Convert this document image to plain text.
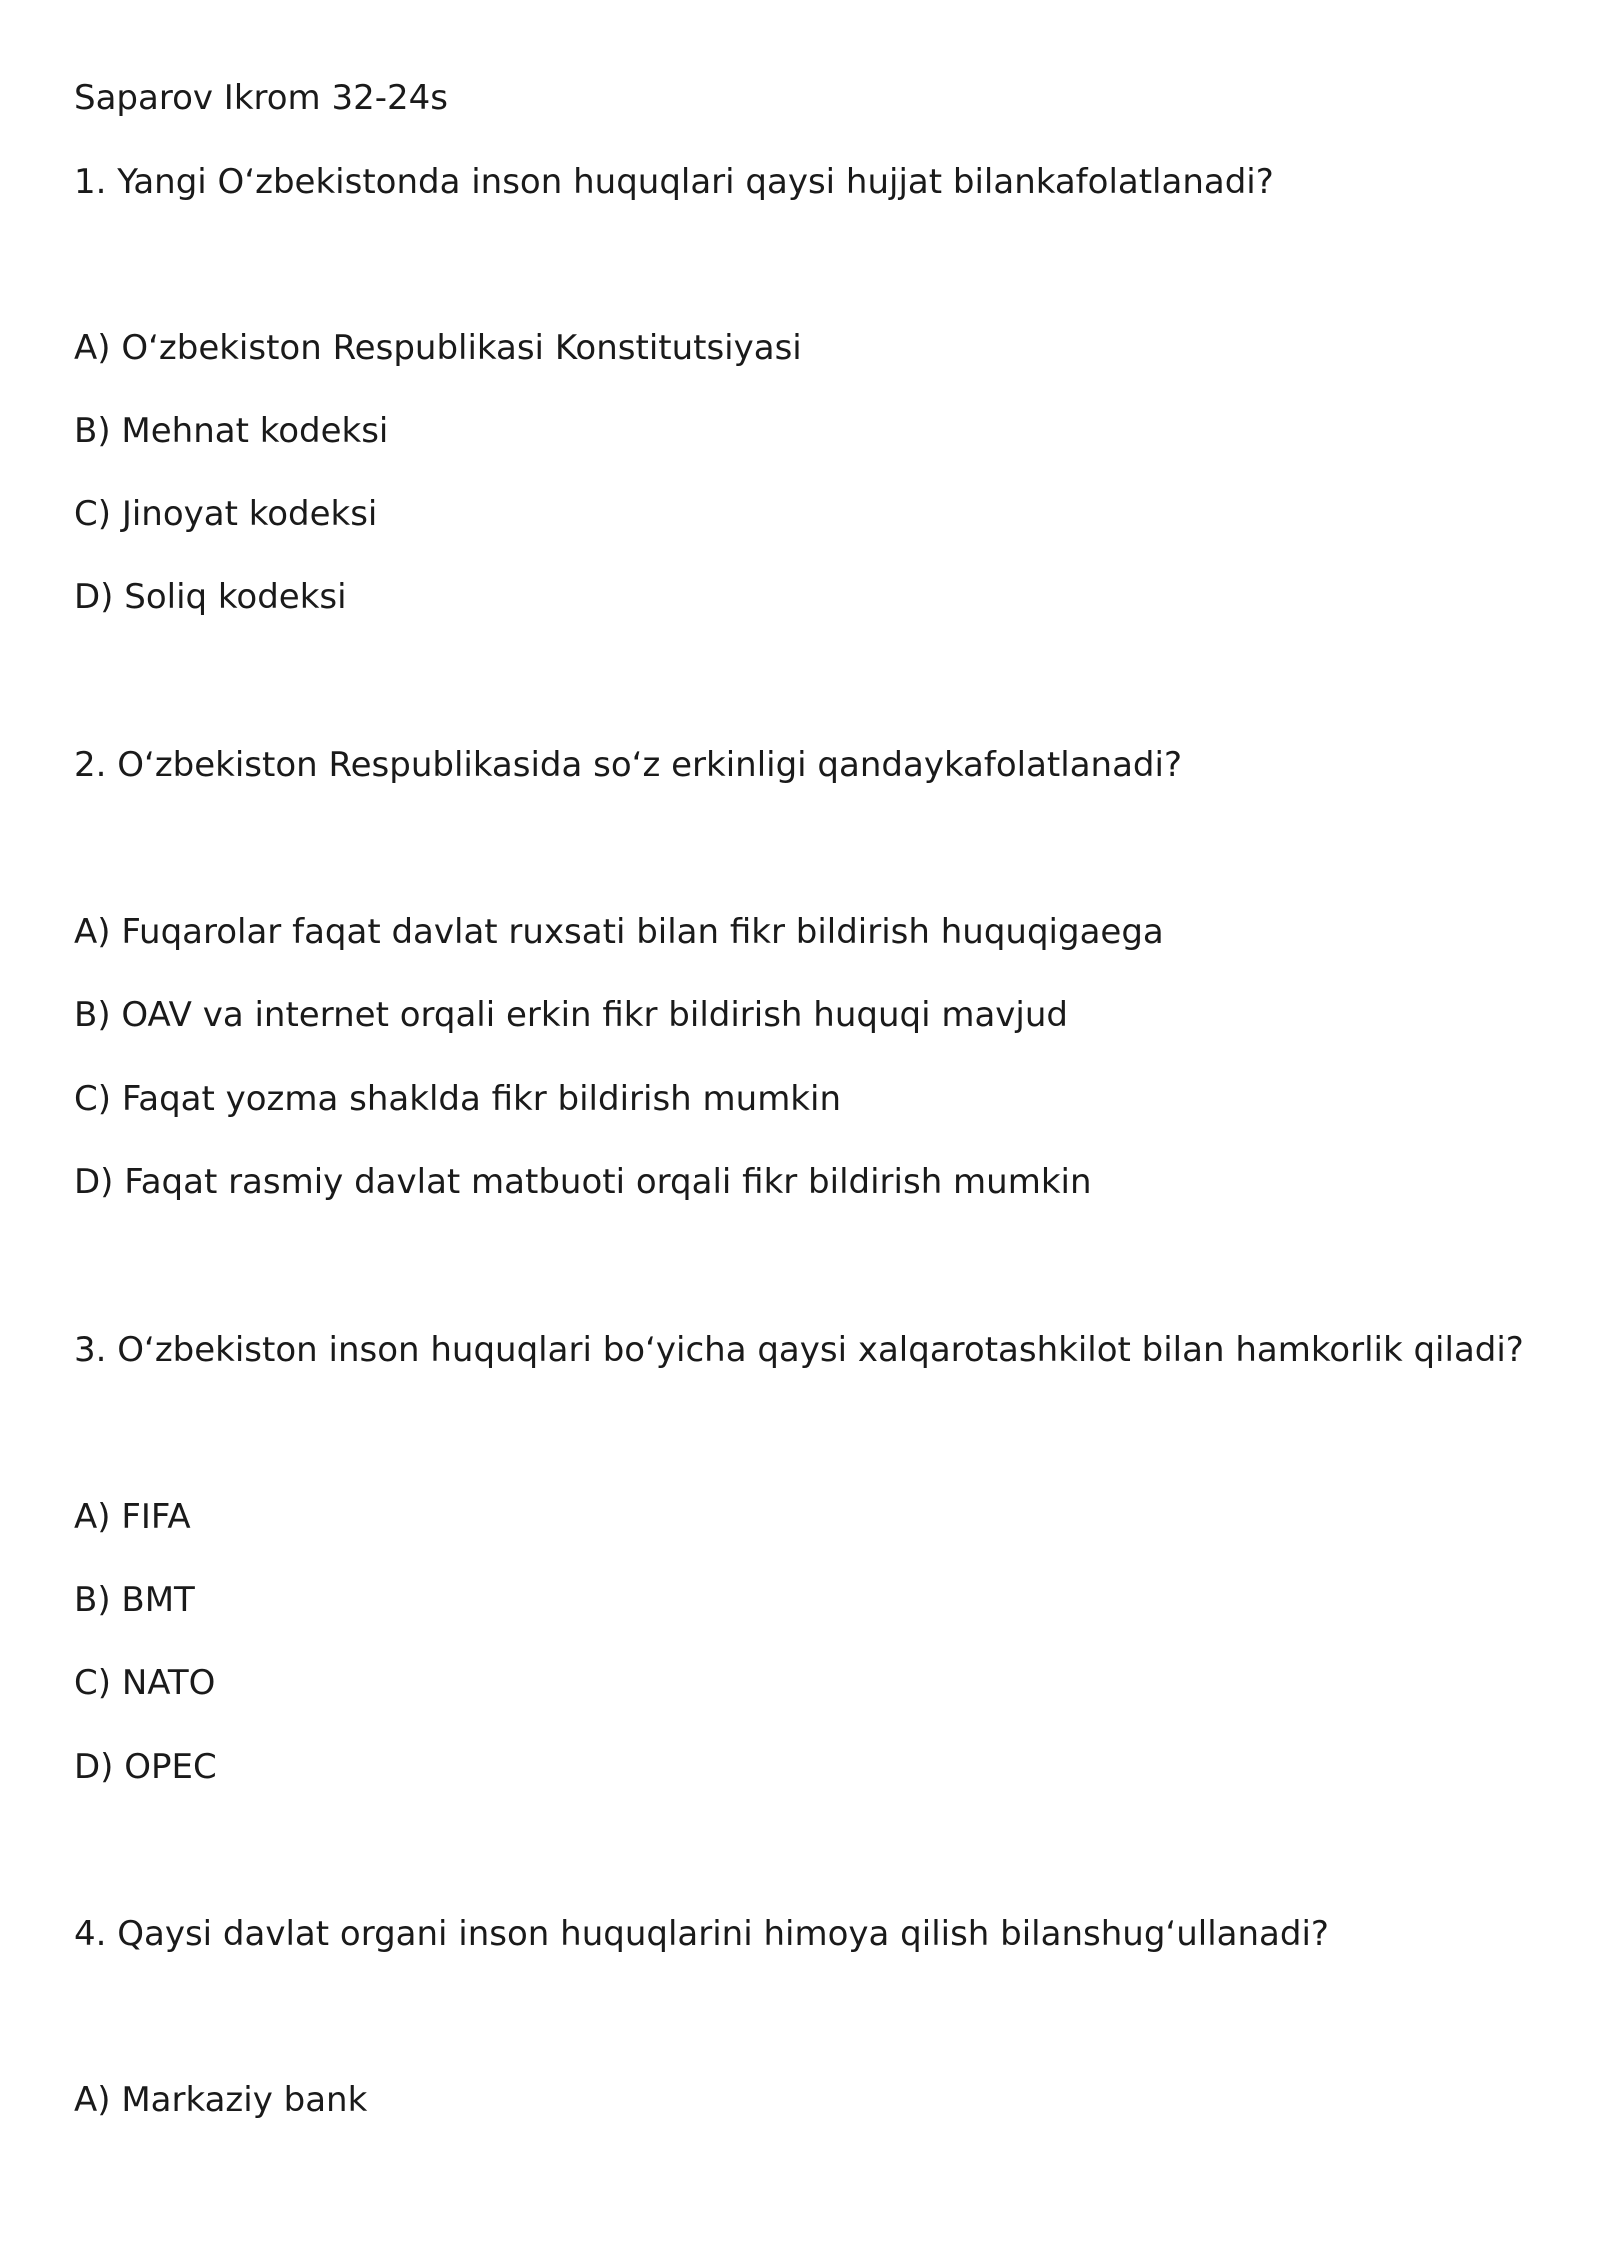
Saparov Ikrom 32-24s
1. Yangi O‘zbekistonda inson huquqlari qaysi hujjat bilankafolatlanadi?
A) O‘zbekiston Respublikasi Konstitutsiyasi
B) Mehnat kodeksi
C) Jinoyat kodeksi
D) Soliq kodeksi
2. O‘zbekiston Respublikasida so‘z erkinligi qandaykafolatlanadi?
A) Fuqarolar faqat davlat ruxsati bilan fikr bildirish huquqigaega
B) OAV va internet orqali erkin fikr bildirish huquqi mavjud
C) Faqat yozma shaklda fikr bildirish mumkin
D) Faqat rasmiy davlat matbuoti orqali fikr bildirish mumkin
3. O‘zbekiston inson huquqlari bo‘yicha qaysi xalqarotashkilot bilan hamkorlik qiladi?
A) FIFA
B) BMT
C) NATO
D) OPEC
4. Qaysi davlat organi inson huquqlarini himoya qilish bilanshug‘ullanadi?
A) Markaziy bank
